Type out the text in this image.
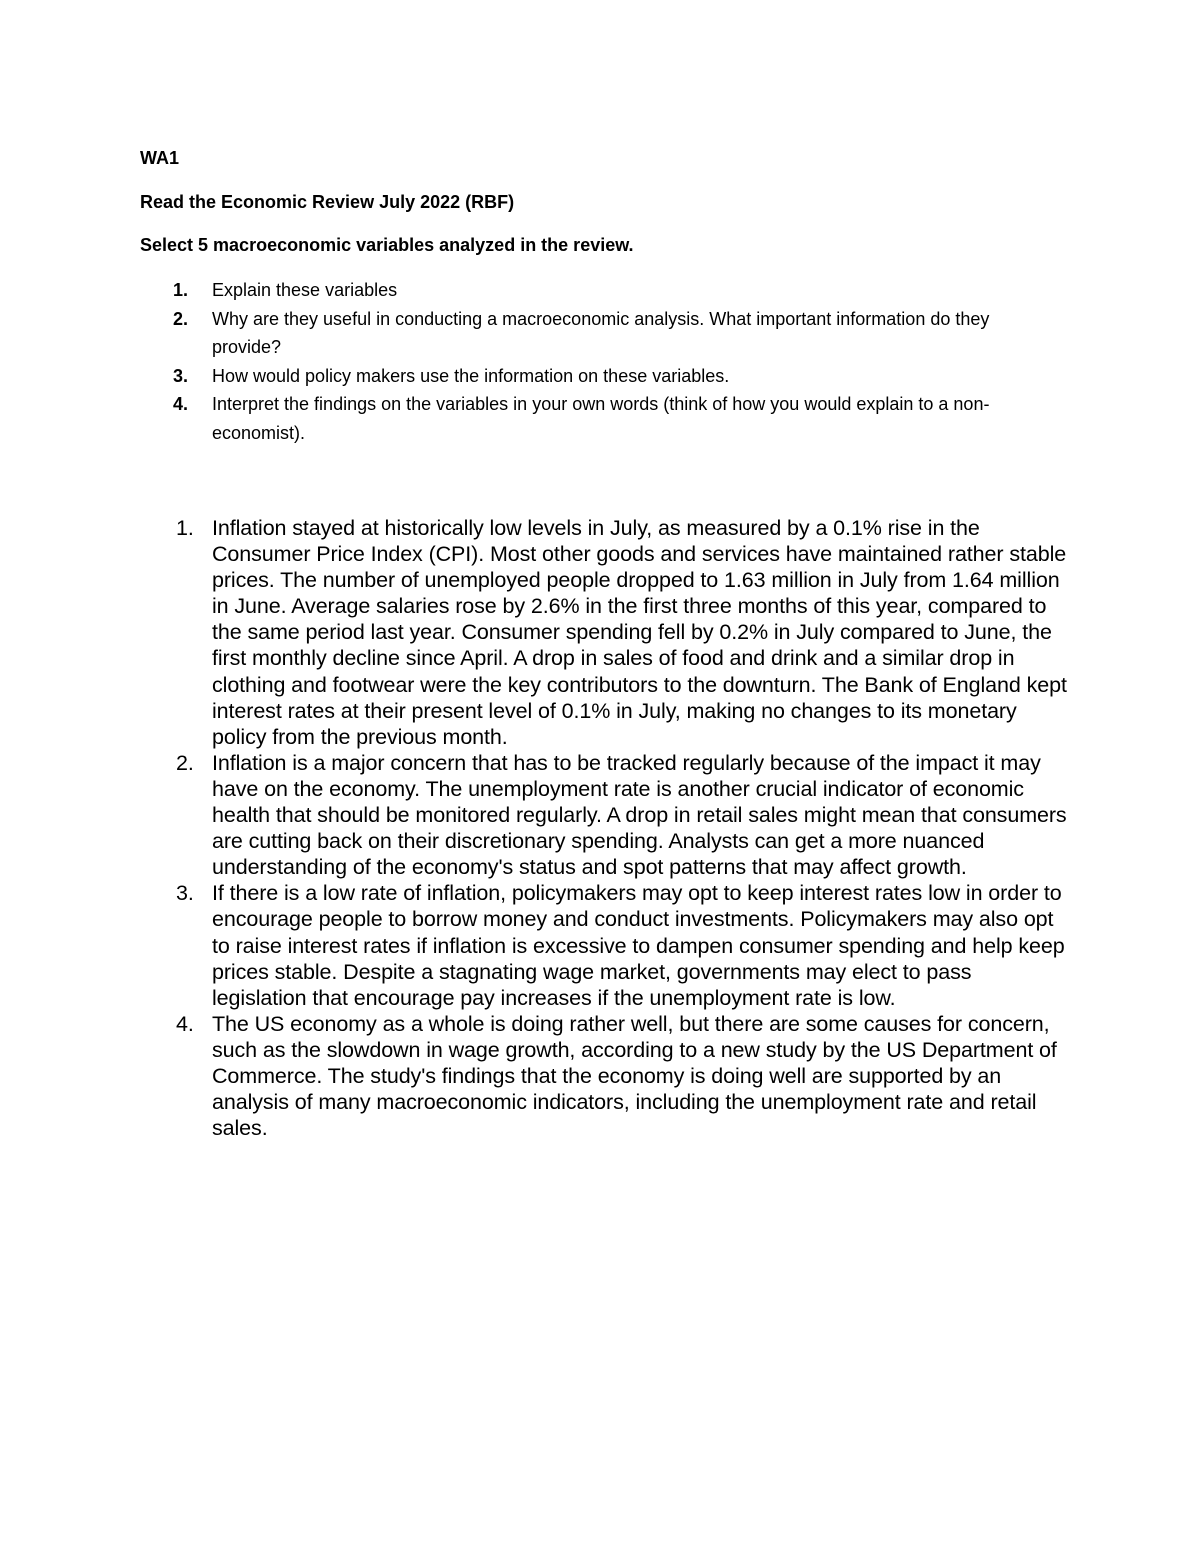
WA1
Read the Economic Review July 2022 (RBF)

Select 5 macroeconomic variables analyzed in the review.

1.	Explain these variables
2.	Why are they useful in conducting a macroeconomic analysis. What important information do they provide?
3.	How would policy makers use the information on these variables.
4.	Interpret the findings on the variables in your own words (think of how you would explain to a non-economist).
1. Inflation stayed at historically low levels in July, as measured by a 0.1% rise in the Consumer Price Index (CPI). Most other goods and services have maintained rather stable prices. The number of unemployed people dropped to 1.63 million in July from 1.64 million in June. Average salaries rose by 2.6% in the first three months of this year, compared to the same period last year. Consumer spending fell by 0.2% in July compared to June, the first monthly decline since April. A drop in sales of food and drink and a similar drop in clothing and footwear were the key contributors to the downturn. The Bank of England kept interest rates at their present level of 0.1% in July, making no changes to its monetary policy from the previous month.
2. Inflation is a major concern that has to be tracked regularly because of the impact it may have on the economy. The unemployment rate is another crucial indicator of economic health that should be monitored regularly. A drop in retail sales might mean that consumers are cutting back on their discretionary spending. Analysts can get a more nuanced understanding of the economy's status and spot patterns that may affect growth.
3. If there is a low rate of inflation, policymakers may opt to keep interest rates low in order to encourage people to borrow money and conduct investments. Policymakers may also opt to raise interest rates if inflation is excessive to dampen consumer spending and help keep prices stable. Despite a stagnating wage market, governments may elect to pass legislation that encourage pay increases if the unemployment rate is low.
4. The US economy as a whole is doing rather well, but there are some causes for concern, such as the slowdown in wage growth, according to a new study by the US Department of Commerce. The study's findings that the economy is doing well are supported by an analysis of many macroeconomic indicators, including the unemployment rate and retail sales.
